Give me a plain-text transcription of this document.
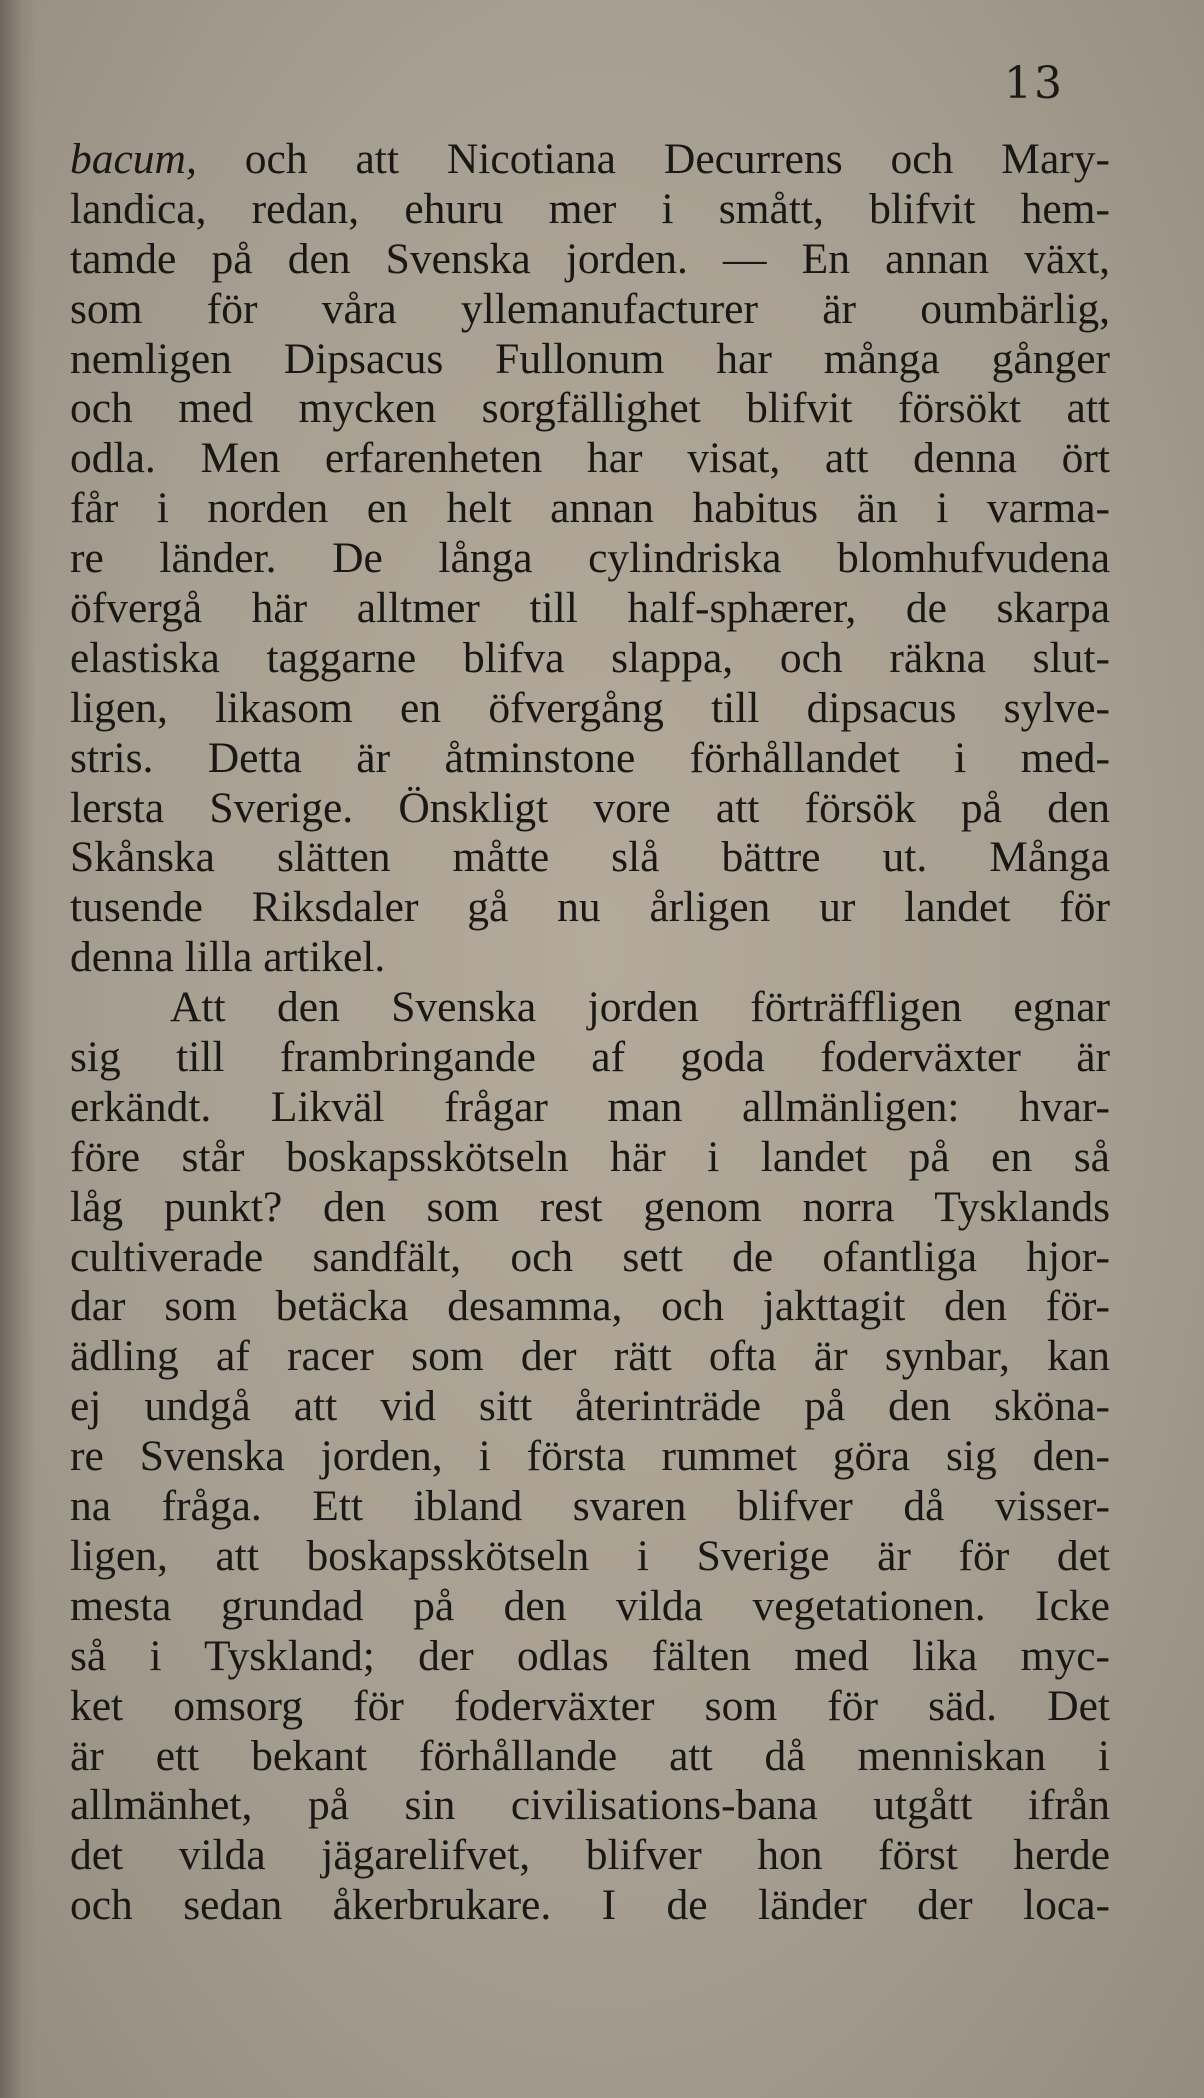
13
bacum, och att Nicotiana Decurrens och Mary-
landica, redan, ehuru mer i smått, blifvit hem-
tamde på den Svenska jorden. — En annan växt,
som för våra yllemanufacturer är oumbärlig,
nemligen Dipsacus Fullonum har många gånger
och med mycken sorgfällighet blifvit försökt att
odla. Men erfarenheten har visat, att denna ört
får i norden en helt annan habitus än i varma-
re länder. De långa cylindriska blomhufvudena
öfvergå här alltmer till half-sphærer, de skarpa
elastiska taggarne blifva slappa, och räkna slut-
ligen, likasom en öfvergång till dipsacus sylve-
stris. Detta är åtminstone förhållandet i med-
lersta Sverige. Önskligt vore att försök på den
Skånska slätten måtte slå bättre ut. Många
tusende Riksdaler gå nu årligen ur landet för
denna lilla artikel.
Att den Svenska jorden förträffligen egnar
sig till frambringande af goda foderväxter är
erkändt. Likväl frågar man allmänligen: hvar-
före står boskapsskötseln här i landet på en så
låg punkt? den som rest genom norra Tysklands
cultiverade sandfält, och sett de ofantliga hjor-
dar som betäcka desamma, och jakttagit den för-
ädling af racer som der rätt ofta är synbar, kan
ej undgå att vid sitt återinträde på den sköna-
re Svenska jorden, i första rummet göra sig den-
na fråga. Ett ibland svaren blifver då visser-
ligen, att boskapsskötseln i Sverige är för det
mesta grundad på den vilda vegetationen. Icke
så i Tyskland; der odlas fälten med lika myc-
ket omsorg för foderväxter som för säd. Det
är ett bekant förhållande att då menniskan i
allmänhet, på sin civilisations-bana utgått ifrån
det vilda jägarelifvet, blifver hon först herde
och sedan åkerbrukare. I de länder der loca-
